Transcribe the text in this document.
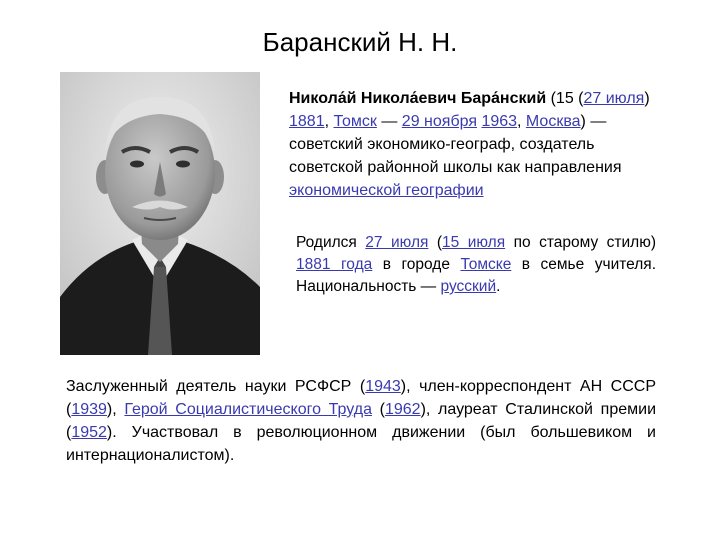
Баранский Н. Н.
Никола́й Никола́евич Бара́нский (15 (27 июля) 1881, Томск — 29 ноября 1963, Москва) — советский экономико-географ, создатель советской районной школы как направления экономической географии
Родился 27 июля (15 июля по старому стилю) 1881 года в городе Томске в семье учителя. Национальность — русский.
Заслуженный деятель науки РСФСР (1943), член-корреспондент АН СССР (1939), Герой Социалистического Труда (1962), лауреат Сталинской премии (1952). Участвовал в революционном движении (был большевиком и интернационалистом).
